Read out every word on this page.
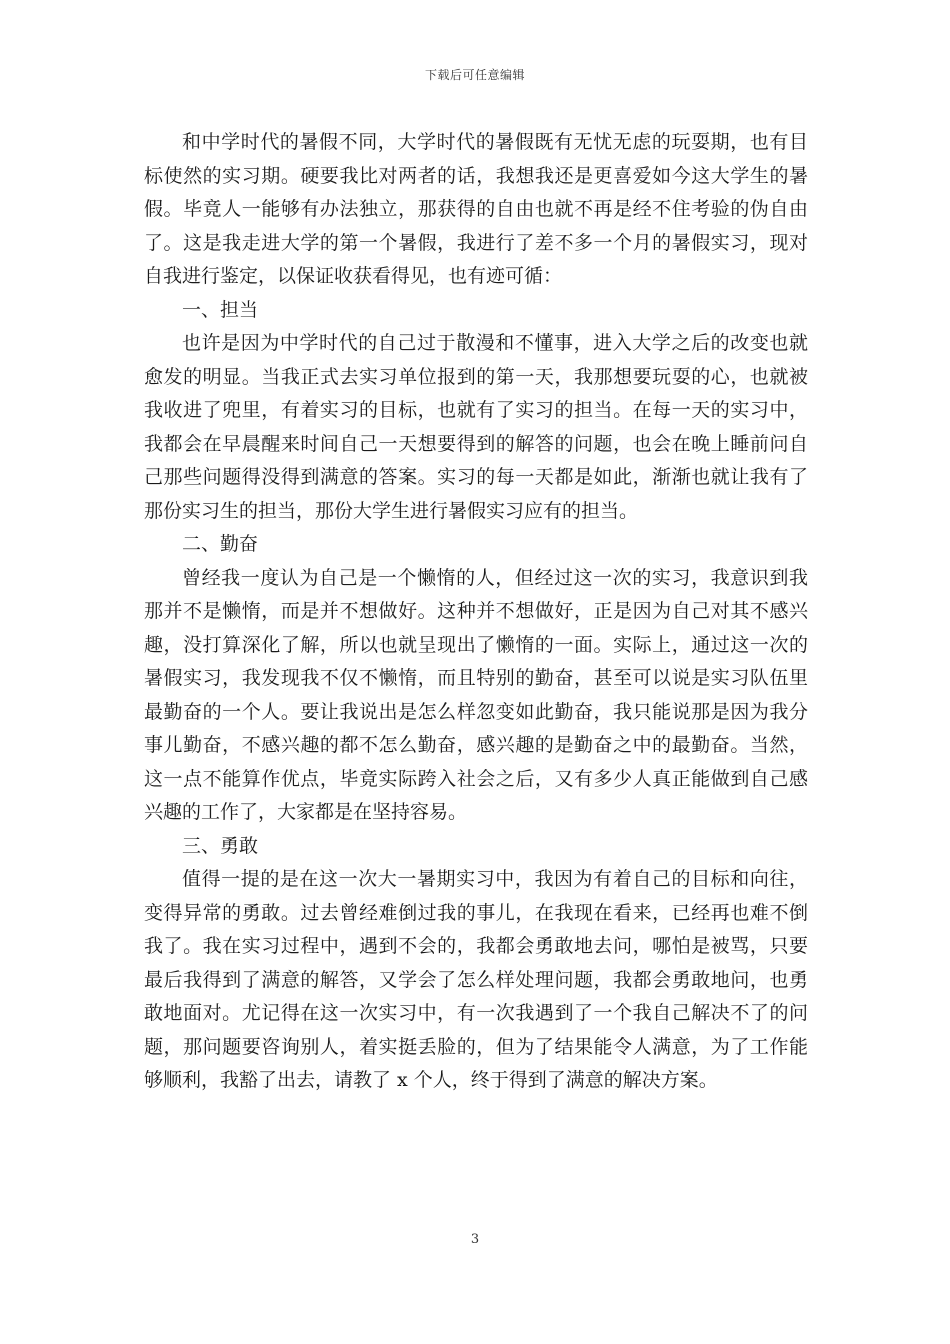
下载后可任意编辑

和中学时代的暑假不同，大学时代的暑假既有无忧无虑的玩耍期，也有目标使然的实习期。硬要我比对两者的话，我想我还是更喜爱如今这大学生的暑假。毕竟人一能够有办法独立，那获得的自由也就不再是经不住考验的伪自由了。这是我走进大学的第一个暑假，我进行了差不多一个月的暑假实习，现对自我进行鉴定，以保证收获看得见，也有迹可循：

一、担当

也许是因为中学时代的自己过于散漫和不懂事，进入大学之后的改变也就愈发的明显。当我正式去实习单位报到的第一天，我那想要玩耍的心，也就被我收进了兜里，有着实习的目标，也就有了实习的担当。在每一天的实习中，我都会在早晨醒来时间自己一天想要得到的解答的问题，也会在晚上睡前问自己那些问题得没得到满意的答案。实习的每一天都是如此，渐渐也就让我有了那份实习生的担当，那份大学生进行暑假实习应有的担当。

二、勤奋

曾经我一度认为自己是一个懒惰的人，但经过这一次的实习，我意识到我那并不是懒惰，而是并不想做好。这种并不想做好，正是因为自己对其不感兴趣，没打算深化了解，所以也就呈现出了懒惰的一面。实际上，通过这一次的暑假实习，我发现我不仅不懒惰，而且特别的勤奋，甚至可以说是实习队伍里最勤奋的一个人。要让我说出是怎么样忽变如此勤奋，我只能说那是因为我分事儿勤奋，不感兴趣的都不怎么勤奋，感兴趣的是勤奋之中的最勤奋。当然，这一点不能算作优点，毕竟实际跨入社会之后，又有多少人真正能做到自己感兴趣的工作了，大家都是在坚持容易。

三、勇敢

值得一提的是在这一次大一暑期实习中，我因为有着自己的目标和向往，变得异常的勇敢。过去曾经难倒过我的事儿，在我现在看来，已经再也难不倒我了。我在实习过程中，遇到不会的，我都会勇敢地去问，哪怕是被骂，只要最后我得到了满意的解答，又学会了怎么样处理问题，我都会勇敢地问，也勇敢地面对。尤记得在这一次实习中，有一次我遇到了一个我自己解决不了的问题，那问题要咨询别人，着实挺丢脸的，但为了结果能令人满意，为了工作能够顺利，我豁了出去，请教了 x 个人，终于得到了满意的解决方案。

3
